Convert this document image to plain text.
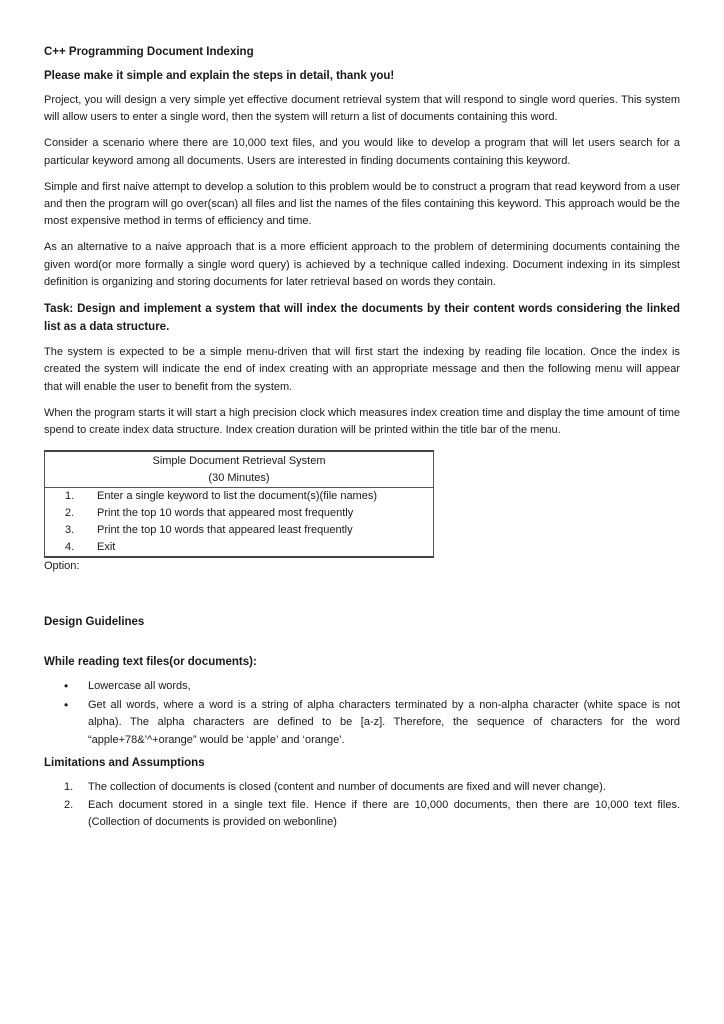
C++ Programming Document Indexing
Please make it simple and explain the steps in detail, thank you!

Project, you will design a very simple yet effective document retrieval system that will respond to single word queries. This system will allow users to enter a single word, then the system will return a list of documents containing this word.

Consider a scenario where there are 10,000 text files, and you would like to develop a program that will let users search for a particular keyword among all documents. Users are interested in finding documents containing this keyword.

Simple and first naive attempt to develop a solution to this problem would be to construct a program that read keyword from a user and then the program will go over(scan) all files and list the names of the files containing this keyword. This approach would be the most expensive method in terms of efficiency and time.

As an alternative to a naive approach that is a more efficient approach to the problem of determining documents containing the given word(or more formally a single word query) is achieved by a technique called indexing. Document indexing in its simplest definition is organizing and storing documents for later retrieval based on words they contain.

Task: Design and implement a system that will index the documents by their content words considering the linked list as a data structure.

The system is expected to be a simple menu-driven that will first start the indexing by reading file location. Once the index is created the system will indicate the end of index creating with an appropriate message and then the following menu will appear that will enable the user to benefit from the system.

When the program starts it will start a high precision clock which measures index creation time and display the time amount of time spend to create index data structure. Index creation duration will be printed within the title bar of the menu.

Simple Document Retrieval System
(30 Minutes)
1.	Enter a single keyword to list the document(s)(file names)
2.	Print the top 10 words that appeared most frequently
3.	Print the top 10 words that appeared least frequently
4.	Exit
Option:
Design Guidelines
While reading text files(or documents):
•	Lowercase all words,
•	Get all words, where a word is a string of alpha characters terminated by a non-alpha character (white space is not alpha). The alpha characters are defined to be [a-z]. Therefore, the sequence of characters for the word “apple+78&’^+orange” would be ‘apple’ and ‘orange’.
Limitations and Assumptions
1.	The collection of documents is closed (content and number of documents are fixed and will never change).
2.	Each document stored in a single text file. Hence if there are 10,000 documents, then there are 10,000 text files. (Collection of documents is provided on webonline)
